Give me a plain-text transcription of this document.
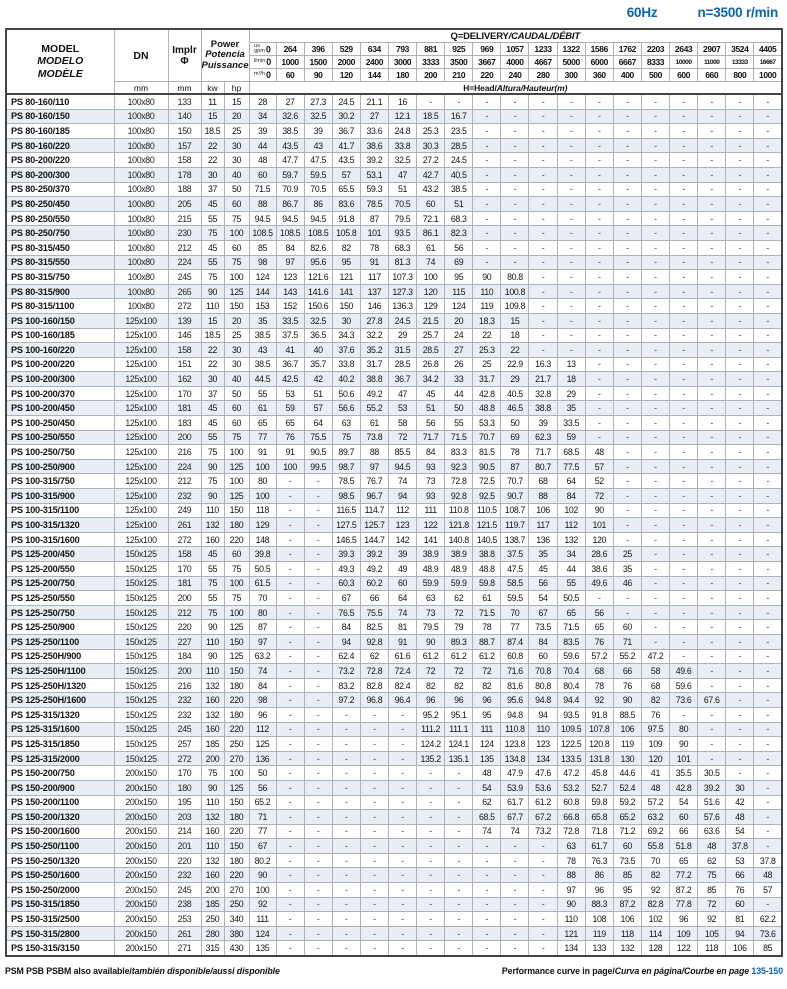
60Hz	n=3500 r/min
MODEL
MODELO
MODÈLE
	DN	Implr
Φ

Power
Potencia
Puissance
	Q=DELIVERY/CAUDAL/DÉBIT
					us
gpm0	264	396	529	634	793	881	925	969	1057	1233	1322	1586	1762	2203	2643	2907	3524	4405
					l/min0	1000	1500	2000	2400	3000	3333	3500	3667	4000	4667	5000	6000	6667	8333	10000	11000	13333	16667
					m³/h0	60	90	120	144	180	200	210	220	240	280	300	360	400	500	600	660	800	1000
	mm	mm	kw	hp	H=Head/Altura/Hauteur(m)																		
PS 80-160/110	100x80	133	11	15	28	27	27.3	24.5	21.1	16	-	-	-	-	-	-	-	-	-	-	-	-	-
PS 80-160/150	100x80	140	15	20	34	32.6	32.5	30.2	27	12.1	18.5	16.7	-	-	-	-	-	-	-	-	-	-	-
PS 80-160/185	100x80	150	18.5	25	39	38.5	39	36.7	33.6	24.8	25.3	23.5	-	-	-	-	-	-	-	-	-	-	-
PS 80-160/220	100x80	157	22	30	44	43.5	43	41.7	38.6	33.8	30.3	28.5	-	-	-	-	-	-	-	-	-	-	-
PS 80-200/220	100x80	158	22	30	48	47.7	47.5	43.5	39.2	32.5	27.2	24.5	-	-	-	-	-	-	-	-	-	-	-
PS 80-200/300	100x80	178	30	40	60	59.7	59.5	57	53.1	47	42.7	40.5	-	-	-	-	-	-	-	-	-	-	-
PS 80-250/370	100x80	188	37	50	71.5	70.9	70.5	65.5	59.3	51	43.2	38.5	-	-	-	-	-	-	-	-	-	-	-
PS 80-250/450	100x80	205	45	60	88	86.7	86	83.6	78.5	70.5	60	51	-	-	-	-	-	-	-	-	-	-	-
PS 80-250/550	100x80	215	55	75	94.5	94.5	94.5	91.8	87	79.5	72.1	68.3	-	-	-	-	-	-	-	-	-	-	-
PS 80-250/750	100x80	230	75	100	108.5	108.5	108.5	105.8	101	93.5	86.1	82.3	-	-	-	-	-	-	-	-	-	-	-
PS 80-315/450	100x80	212	45	60	85	84	82.6	82	78	68.3	61	56	-	-	-	-	-	-	-	-	-	-	-
PS 80-315/550	100x80	224	55	75	98	97	95.6	95	91	81.3	74	69	-	-	-	-	-	-	-	-	-	-	-
PS 80-315/750	100x80	245	75	100	124	123	121.6	121	117	107.3	100	95	90	80.8	-	-	-	-	-	-	-	-	-
PS 80-315/900	100x80	265	90	125	144	143	141.6	141	137	127.3	120	115	110	100.8	-	-	-	-	-	-	-	-	-
PS 80-315/1100	100x80	272	110	150	153	152	150.6	150	146	136.3	129	124	119	109.8	-	-	-	-	-	-	-	-	-
PS 100-160/150	125x100	139	15	20	35	33.5	32.5	30	27.8	24.5	21.5	20	18.3	15	-	-	-	-	-	-	-	-	-
PS 100-160/185	125x100	146	18.5	25	38.5	37.5	36.5	34.3	32.2	29	25.7	24	22	18	-	-	-	-	-	-	-	-	-
PS 100-160/220	125x100	158	22	30	43	41	40	37.6	35.2	31.5	28.5	27	25.3	22	-	-	-	-	-	-	-	-	-
PS 100-200/220	125x100	151	22	30	38.5	36.7	35.7	33.8	31.7	28.5	26.8	26	25	22.9	16.3	13	-	-	-	-	-	-	-
PS 100-200/300	125x100	162	30	40	44.5	42.5	42	40.2	38.8	36.7	34.2	33	31.7	29	21.7	18	-	-	-	-	-	-	-
PS 100-200/370	125x100	170	37	50	55	53	51	50.6	49.2	47	45	44	42.8	40.5	32.8	29	-	-	-	-	-	-	-
PS 100-200/450	125x100	181	45	60	61	59	57	56.6	55.2	53	51	50	48.8	46.5	38.8	35	-	-	-	-	-	-	-
PS 100-250/450	125x100	183	45	60	65	65	64	63	61	58	56	55	53.3	50	39	33.5	-	-	-	-	-	-	-
PS 100-250/550	125x100	200	55	75	77	76	75.5	75	73.8	72	71.7	71.5	70.7	69	62.3	59	-	-	-	-	-	-	-
PS 100-250/750	125x100	216	75	100	91	91	90.5	89.7	88	85.5	84	83.3	81.5	78	71.7	68.5	48	-	-	-	-	-	-
PS 100-250/900	125x100	224	90	125	100	100	99.5	98.7	97	94.5	93	92.3	90.5	87	80.7	77.5	57	-	-	-	-	-	-
PS 100-315/750	125x100	212	75	100	80	-	-	78.5	76.7	74	73	72.8	72.5	70.7	68	64	52	-	-	-	-	-	-
PS 100-315/900	125x100	232	90	125	100	-	-	98.5	96.7	94	93	92.8	92.5	90.7	88	84	72	-	-	-	-	-	-
PS 100-315/1100	125x100	249	110	150	118	-	-	116.5	114.7	112	111	110.8	110.5	108.7	106	102	90	-	-	-	-	-	-
PS 100-315/1320	125x100	261	132	180	129	-	-	127.5	125.7	123	122	121.8	121.5	119.7	117	112	101	-	-	-	-	-	-
PS 100-315/1600	125x100	272	160	220	148	-	-	146.5	144.7	142	141	140.8	140.5	138.7	136	132	120	-	-	-	-	-	-
PS 125-200/450	150x125	158	45	60	39.8	-	-	39.3	39.2	39	38.9	38.9	38.8	37.5	35	34	28.6	25	-	-	-	-	-
PS 125-200/550	150x125	170	55	75	50.5	-	-	49.3	49.2	49	48.9	48.9	48.8	47.5	45	44	38.6	35	-	-	-	-	-
PS 125-200/750	150x125	181	75	100	61.5	-	-	60.3	60.2	60	59.9	59.9	59.8	58.5	56	55	49.6	46	-	-	-	-	-
PS 125-250/550	150x125	200	55	75	70	-	-	67	66	64	63	62	61	59.5	54	50.5	-	-	-	-	-	-	-
PS 125-250/750	150x125	212	75	100	80	-	-	76.5	75.5	74	73	72	71.5	70	67	65	56	-	-	-	-	-	-
PS 125-250/900	150x125	220	90	125	87	-	-	84	82.5	81	79.5	79	78	77	73.5	71.5	65	60	-	-	-	-	-
PS 125-250/1100	150x125	227	110	150	97	-	-	94	92.8	91	90	89.3	88.7	87.4	84	83.5	76	71	-	-	-	-	-
PS 125-250H/900	150x125	184	90	125	63.2	-	-	62.4	62	61.6	61.2	61.2	61.2	60.8	60	59.6	57.2	55.2	47.2	-	-	-	-
PS 125-250H/1100	150x125	200	110	150	74	-	-	73.2	72.8	72.4	72	72	72	71.6	70.8	70.4	68	66	58	49.6	-	-	-
PS 125-250H/1320	150x125	216	132	180	84	-	-	83.2	82.8	82.4	82	82	82	81.6	80.8	80.4	78	76	68	59.6	-	-	-
PS 125-250H/1600	150x125	232	160	220	98	-	-	97.2	96.8	96.4	96	96	96	95.6	94.8	94.4	92	90	82	73.6	67.6	-	-
PS 125-315/1320	150x125	232	132	180	96	-	-	-	-	-	95.2	95.1	95	94.8	94	93.5	91.8	88.5	76	-	-	-	-
PS 125-315/1600	150x125	245	160	220	112	-	-	-	-	-	111.2	111.1	111	110.8	110	109.5	107.8	106	97.5	80	-	-	-
PS 125-315/1850	150x125	257	185	250	125	-	-	-	-	-	124.2	124.1	124	123.8	123	122.5	120.8	119	109	90	-	-	-
PS 125-315/2000	150x125	272	200	270	136	-	-	-	-	-	135.2	135.1	135	134.8	134	133.5	131.8	130	120	101	-	-	-
PS 150-200/750	200x150	170	75	100	50	-	-	-	-	-	-	-	48	47.9	47.6	47.2	45.8	44.6	41	35.5	30.5	-	-
PS 150-200/900	200x150	180	90	125	56	-	-	-	-	-	-	-	54	53.9	53.6	53.2	52.7	52.4	48	42.8	39.2	30	-
PS 150-200/1100	200x150	195	110	150	65.2	-	-	-	-	-	-	-	62	61.7	61.2	60.8	59.8	59.2	57.2	54	51.6	42	-
PS 150-200/1320	200x150	203	132	180	71	-	-	-	-	-	-	-	68.5	67.7	67.2	66.8	65.8	65.2	63.2	60	57.6	48	-
PS 150-200/1600	200x150	214	160	220	77	-	-	-	-	-	-	-	74	74	73.2	72.8	71.8	71.2	69.2	66	63.6	54	-
PS 150-250/1100	200x150	201	110	150	67	-	-	-	-	-	-	-	-	-	-	63	61.7	60	55.8	51.8	48	37.8	-
PS 150-250/1320	200x150	220	132	180	80.2	-	-	-	-	-	-	-	-	-	-	78	76.3	73.5	70	65	62	53	37.8
PS 150-250/1600	200x150	232	160	220	90	-	-	-	-	-	-	-	-	-	-	88	86	85	82	77.2	75	66	48
PS 150-250/2000	200x150	245	200	270	100	-	-	-	-	-	-	-	-	-	-	97	96	95	92	87.2	85	76	57
PS 150-315/1850	200x150	238	185	250	92	-	-	-	-	-	-	-	-	-	-	90	88.3	87.2	82.8	77.8	72	60	-
PS 150-315/2500	200x150	253	250	340	111	-	-	-	-	-	-	-	-	-	-	110	108	106	102	96	92	81	62.2
PS 150-315/2800	200x150	261	280	380	124	-	-	-	-	-	-	-	-	-	-	121	119	118	114	109	105	94	73.6
PS 150-315/3150	200x150	271	315	430	135	-	-	-	-	-	-	-	-	-	-	134	133	132	128	122	118	106	85
PSM PSB PSBM also available/también disponible/aussi disponible	Performance curve in page/Curva en página/Courbe en page 135-150
